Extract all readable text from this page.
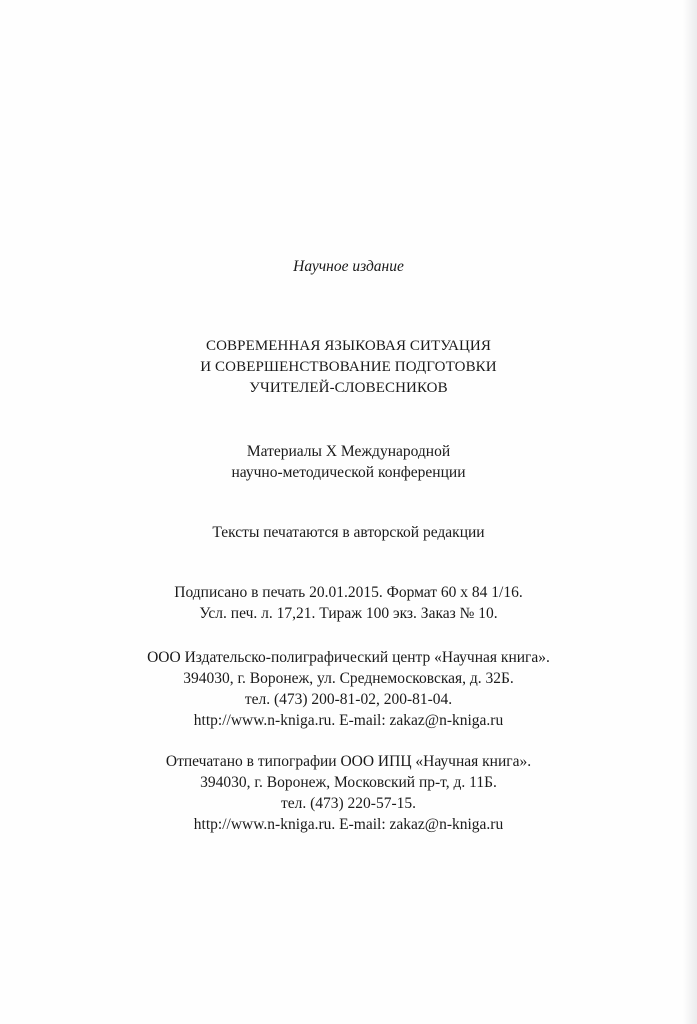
Научное издание
СОВРЕМЕННАЯ ЯЗЫКОВАЯ СИТУАЦИЯ
И СОВЕРШЕНСТВОВАНИЕ ПОДГОТОВКИ
УЧИТЕЛЕЙ-СЛОВЕСНИКОВ
Материалы X Международной
научно-методической конференции
Тексты печатаются в авторской редакции
Подписано в печать 20.01.2015. Формат 60 x 84 1/16.
Усл. печ. л. 17,21. Тираж 100 экз. Заказ № 10.
ООО Издательско-полиграфический центр «Научная книга».
394030, г. Воронеж, ул. Среднемосковская, д. 32Б.
тел. (473) 200-81-02, 200-81-04.
http://www.n-kniga.ru. E-mail: zakaz@n-kniga.ru
Отпечатано в типографии ООО ИПЦ «Научная книга».
394030, г. Воронеж, Московский пр-т, д. 11Б.
тел. (473) 220-57-15.
http://www.n-kniga.ru. E-mail: zakaz@n-kniga.ru
